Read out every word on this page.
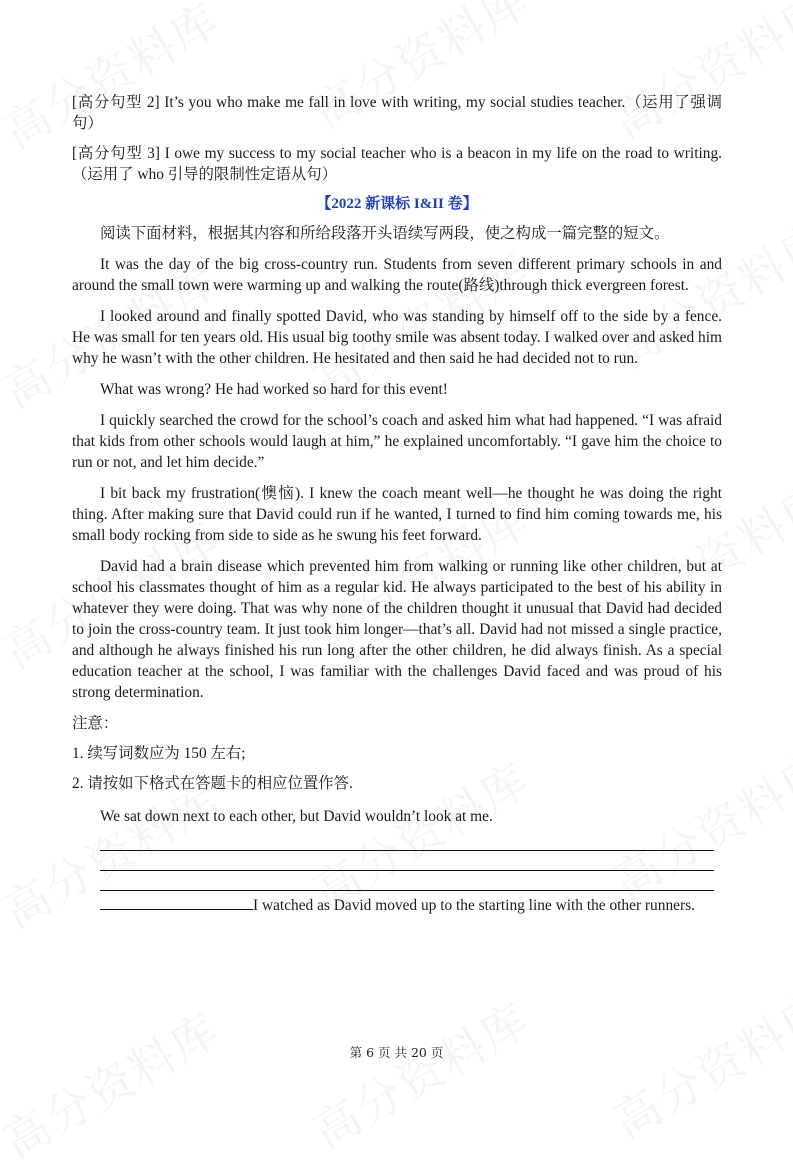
[高分句型 2] It’s you who make me fall in love with writing, my social studies teacher.（运用了强调句）

[高分句型 3] I owe my success to my social teacher who is a beacon in my life on the road to writing.（运用了 who 引导的限制性定语从句）

【2022 新课标 I&II 卷】

阅读下面材料，根据其内容和所给段落开头语续写两段，使之构成一篇完整的短文。

It was the day of the big cross-country run. Students from seven different primary schools in and around the small town were warming up and walking the route(路线)through thick evergreen forest.

I looked around and finally spotted David, who was standing by himself off to the side by a fence. He was small for ten years old. His usual big toothy smile was absent today. I walked over and asked him why he wasn’t with the other children. He hesitated and then said he had decided not to run.

What was wrong? He had worked so hard for this event!

I quickly searched the crowd for the school’s coach and asked him what had happened. “I was afraid that kids from other schools would laugh at him,” he explained uncomfortably. “I gave him the choice to run or not, and let him decide.”

I bit back my frustration(懊恼). I knew the coach meant well—he thought he was doing the right thing. After making sure that David could run if he wanted, I turned to find him coming towards me, his small body rocking from side to side as he swung his feet forward.

David had a brain disease which prevented him from walking or running like other children, but at school his classmates thought of him as a regular kid. He always participated to the best of his ability in whatever they were doing. That was why none of the children thought it unusual that David had decided to join the cross-country team. It just took him longer—that’s all. David had not missed a single practice, and although he always finished his run long after the other children, he did always finish. As a special education teacher at the school, I was familiar with the challenges David faced and was proud of his strong determination.

注意：

1. 续写词数应为 150 左右;

2. 请按如下格式在答题卡的相应位置作答.

We sat down next to each other, but David wouldn’t look at me.

I watched as David moved up to the starting line with the other runners.

第 6 页 共 20 页
